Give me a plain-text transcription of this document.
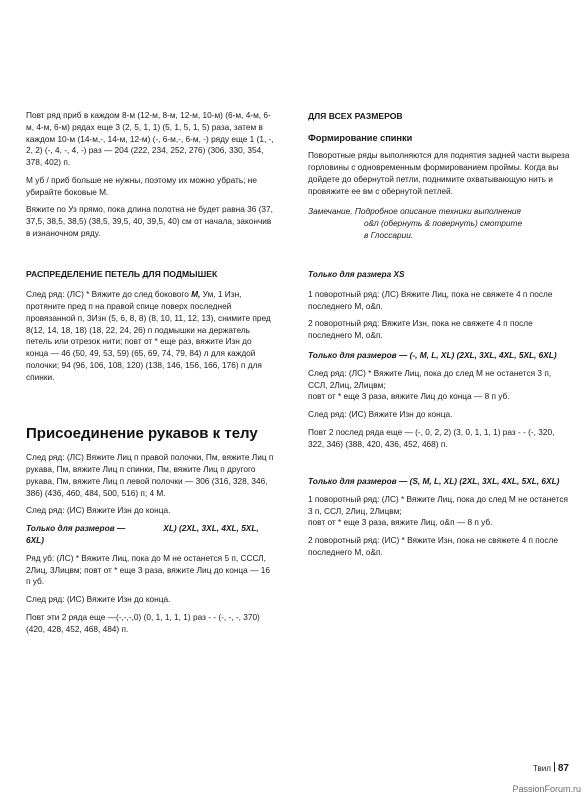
Повт ряд приб в каждом 8-м (12-м, 8-м, 12-м, 10-м) (6-м, 4-м, 6-м, 4-м, 6-м) рядах еще 3 (2, 5, 1, 1) (5, 1, 5, 1, 5) раза, затем в каждом 10-м (14-м,-, 14-м, 12-м) (-, 6-м,-, 6-м, -) ряду еще 1 (1, -, 2, 2) (-, 4, -, 4, -) раз — 204 (222, 234, 252, 276) (306, 330, 354, 378, 402) п.

М уб / приб больше не нужны, поэтому их можно убрать; не убирайте боковые М.

Вяжите по Уз прямо, пока длина полотна не будет равна 36 (37, 37,5, 38,5, 38,5) (38,5, 39,5, 40, 39,5, 40) см от начала, закончив в изнаночном ряду.

РАСПРЕДЕЛЕНИЕ ПЕТЕЛЬ ДЛЯ ПОДМЫШЕК

След ряд: (ЛС) * Вяжите до след бокового М, Ум, 1 Изн, протяните пред п на правой спице поверх последней провязанной п, ЗИзн (5, 6, 8, 8) (8, 10, 11, 12, 13), снимите пред 8(12, 14, 18, 18) (18, 22, 24, 26) п подмышки на держатель петель или отрезок нити; повт от * еще раз, вяжите Изн до конца — 46 (50, 49, 53, 59) (65, 69, 74, 79, 84) л для каждой полочки; 94 (96, 106, 108, 120) (138, 146, 156, 166, 176) п для спинки.

Присоединение рукавов к телу

След ряд: (ЛС) Вяжите Лиц п правой полочки, Пм, вяжите Лиц п рукава, Пм, вяжите Лиц п спинки, Пм, вяжите Лиц п другого рукава, Пм, вяжите Лиц п левой полочки — 306 (316, 328, 346, 386) (436, 460, 484, 500, 516) п; 4 М.

След ряд: (ИС) Вяжите Изн до конца.

Только для размеров —	XL) (2XL, 3XL, 4XL, 5XL, 6XL)

Ряд уб: (ЛС) * Вяжите Лиц, пока до М не останется 5 п, СССЛ, 2Лиц, 3Лицвм; повт от * еще 3 раза, вяжите Лиц до конца — 16 п уб.

След ряд: (ИС) Вяжите Изн до конца.

Повт эти 2 ряда еще —(-,-,-,0) (0, 1, 1, 1, 1) раз - - (-, -, -, 370) (420, 428, 452, 468, 484) п.

ДЛЯ ВСЕХ РАЗМЕРОВ

Формирование спинки

Поворотные ряды выполняются для поднятия задней части выреза горловины с одновременным формированием проймы. Когда вы дойдете до обернутой петли, поднимите охватывающую нить и провяжите ее вм с обернутой петлей.

Замечание. Подробное описание техники выполнения
о&п (обернуть & повернуть) смотрите
в Глоссарии.

Только для размера XS

1 поворотный ряд: (ЛС) Вяжите Лиц, пока не свяжете 4 п после последнего М, о&п.

2 поворотный ряд: Вяжите Изн, пока не свяжете 4 п после последнего М, о&п.

Только для размеров — (-, M, L, XL) (2XL, 3XL, 4XL, 5XL, 6XL)

След ряд: (ЛС) * Вяжите Лиц, пока до след М не останется 3 п, ССЛ, 2Лиц, 2Лицвм;
повт от * еще 3 раза, вяжите Лиц до конца — 8 п уб.

След ряд: (ИС) Вяжите Изн до конца.

Повт 2 послед ряда еще — (-, 0, 2, 2) (3, 0, 1, 1, 1) раз - - (-, 320, 322, 346) (388, 420, 436, 452, 468) п.

Только для размеров — (S, M, L, XL) (2XL, 3XL, 4XL, 5XL, 6XL)

1 поворотный ряд: (ЛС) * Вяжите Лиц, пока до след М не останется 3 п, ССЛ, 2Лиц, 2Лицвм;
повт от * еще 3 раза, вяжите Лиц, о&п — 8 п уб.

2 поворотный ряд: (ИС) * Вяжите Изн, пока не свяжете 4 п после последнего М, о&п.

Твил 87
PassionForum.ru
